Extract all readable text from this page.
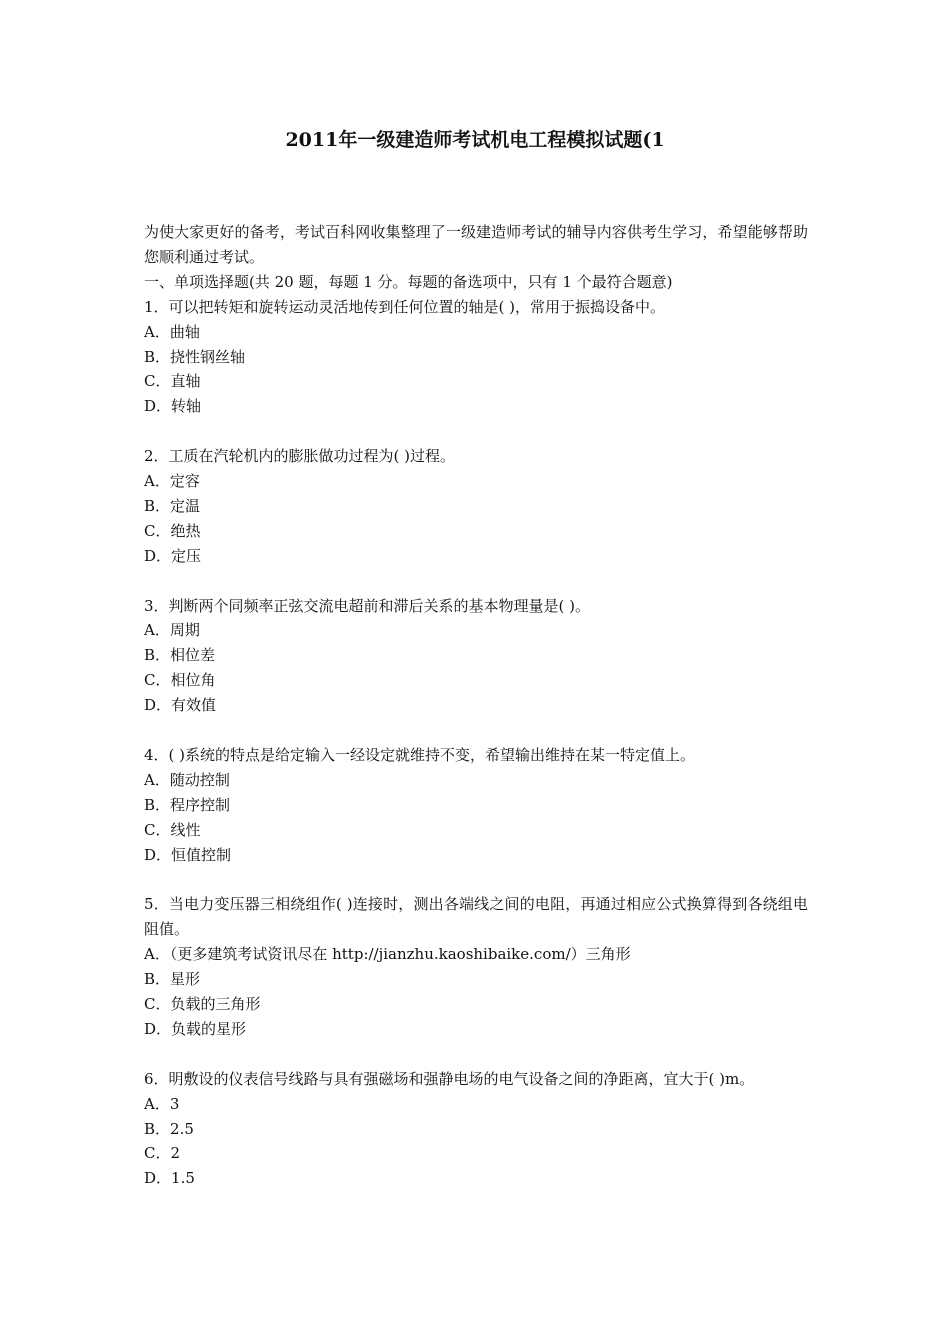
2011年一级建造师考试机电工程模拟试题(1

为使大家更好的备考，考试百科网收集整理了一级建造师考试的辅导内容供考生学习，希望能够帮助您顺利通过考试。

一、单项选择题(共 20 题，每题 1 分。每题的备选项中，只有 1 个最符合题意)

1．可以把转矩和旋转运动灵活地传到任何位置的轴是( )，常用于振捣设备中。

A．曲轴

B．挠性钢丝轴

C．直轴

D．转轴

2．工质在汽轮机内的膨胀做功过程为( )过程。

A．定容

B．定温

C．绝热

D．定压

3．判断两个同频率正弦交流电超前和滞后关系的基本物理量是( )。

A．周期

B．相位差

C．相位角

D．有效值

4．( )系统的特点是给定输入一经设定就维持不变，希望输出维持在某一特定值上。

A．随动控制

B．程序控制

C．线性

D．恒值控制

5．当电力变压器三相绕组作( )连接时，测出各端线之间的电阻，再通过相应公式换算得到各绕组电阻值。

A．（更多建筑考试资讯尽在 http://jianzhu.kaoshibaike.com/）三角形

B．星形

C．负载的三角形

D．负载的星形

6．明敷设的仪表信号线路与具有强磁场和强静电场的电气设备之间的净距离，宜大于( )m。

A．3

B．2.5

C．2

D．1.5
